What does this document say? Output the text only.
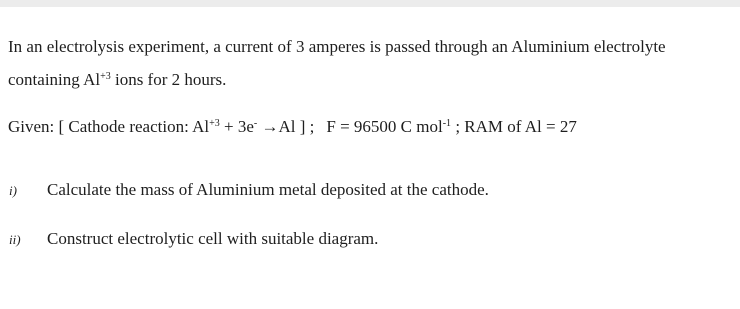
In an electrolysis experiment, a current of 3 amperes is passed through an Aluminium electrolyte
containing $Al^{+3}$ ions for 2 hours.
Given: [ Cathode reaction: $Al^{+3} + 3e^- \to Al$ ] ; F = 96500 C mol$^{-1}$ ; RAM of Al = 27
i) Calculate the mass of Aluminium metal deposited at the cathode.
ii) Construct electrolytic cell with suitable diagram.
